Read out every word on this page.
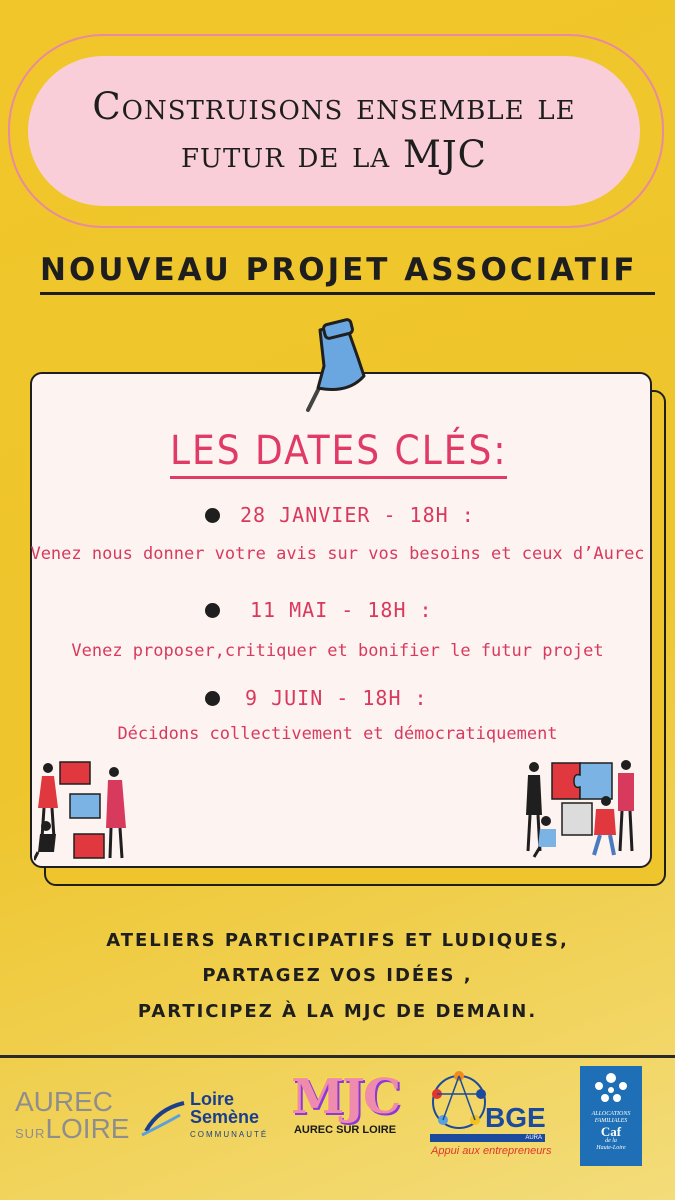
Construisons ensemble le futur de la MJC
NOUVEAU PROJET ASSOCIATIF
LES DATES CLÉS:
28 JANVIER - 18H :
Venez nous donner votre avis sur vos besoins et ceux d’Aurec
11 MAI - 18H :
Venez proposer,critiquer et bonifier le futur projet
9 JUIN - 18H :
Décidons collectivement et démocratiquement
ATELIERS PARTICIPATIFS ET LUDIQUES,
PARTAGEZ VOS IDÉES ,
PARTICIPEZ À LA MJC DE DEMAIN.
AUREC
SURLOIRE
Loire
Semène
COMMUNAUTÉ
MJC
AUREC SUR LOIRE	BGE
AURA
Appui aux entrepreneurs
ALLOCATIONS
FAMILIALES
Caf
de la
Haute-Loire
